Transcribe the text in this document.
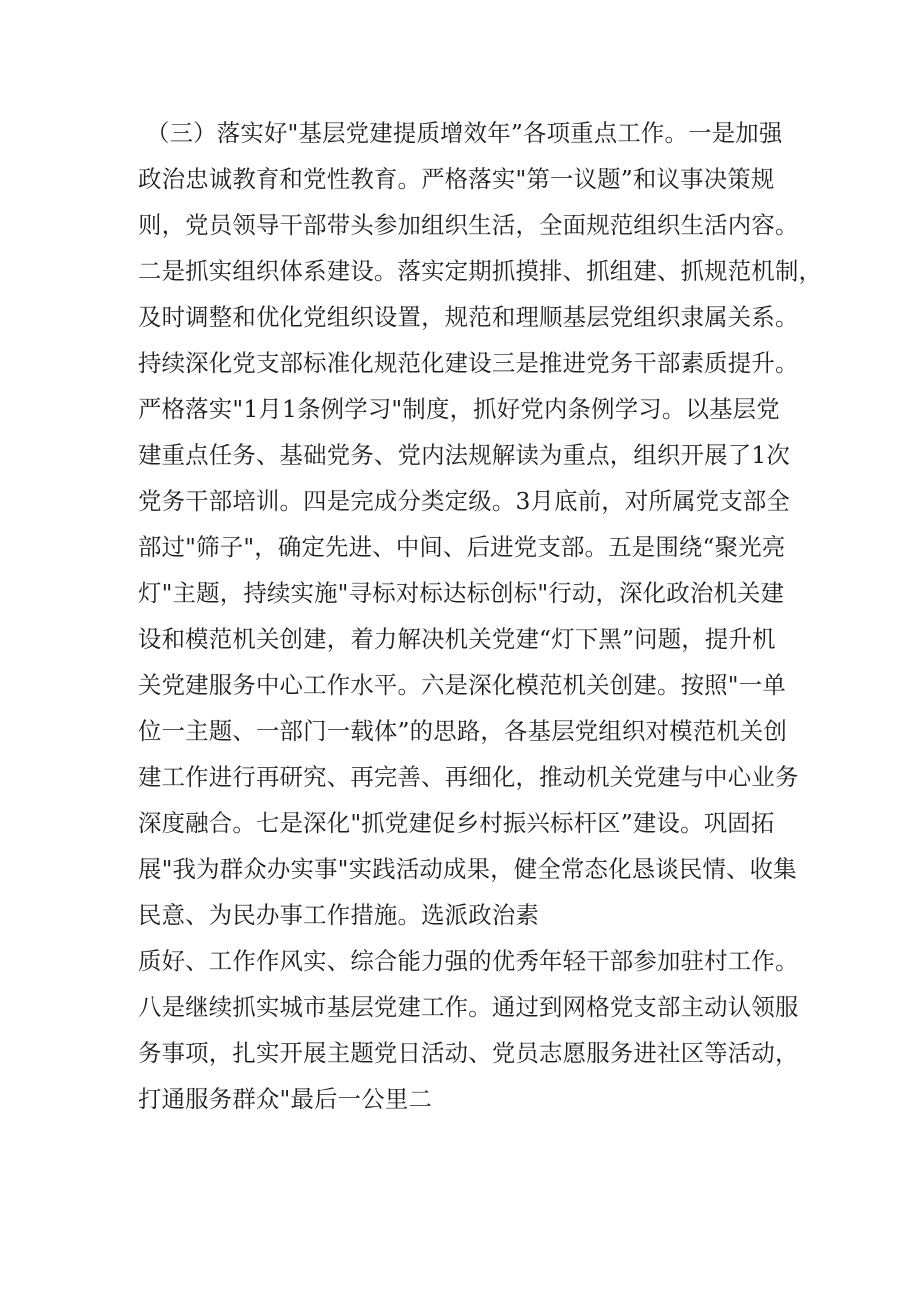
（三）落实好"基层党建提质增效年”各项重点工作。一是加强
政治忠诚教育和党性教育。严格落实"第一议题”和议事决策规
则，党员领导干部带头参加组织生活，全面规范组织生活内容。
二是抓实组织体系建设。落实定期抓摸排、抓组建、抓规范机制，
及时调整和优化党组织设置，规范和理顺基层党组织隶属关系。
持续深化党支部标准化规范化建设三是推进党务干部素质提升。
严格落实"1月1条例学习"制度，抓好党内条例学习。以基层党
建重点任务、基础党务、党内法规解读为重点，组织开展了1次
党务干部培训。四是完成分类定级。3月底前，对所属党支部全
部过"筛子"，确定先进、中间、后进党支部。五是围绕“聚光亮
灯"主题，持续实施"寻标对标达标创标"行动，深化政治机关建
设和模范机关创建，着力解决机关党建“灯下黑”问题，提升机
关党建服务中心工作水平。六是深化模范机关创建。按照"一单
位一主题、一部门一载体”的思路，各基层党组织对模范机关创
建工作进行再研究、再完善、再细化，推动机关党建与中心业务
深度融合。七是深化"抓党建促乡村振兴标杆区”建设。巩固拓
展"我为群众办实事"实践活动成果，健全常态化恳谈民情、收集
民意、为民办事工作措施。选派政治素
质好、工作作风实、综合能力强的优秀年轻干部参加驻村工作。
八是继续抓实城市基层党建工作。通过到网格党支部主动认领服
务事项，扎实开展主题党日活动、党员志愿服务进社区等活动，
打通服务群众"最后一公里二
